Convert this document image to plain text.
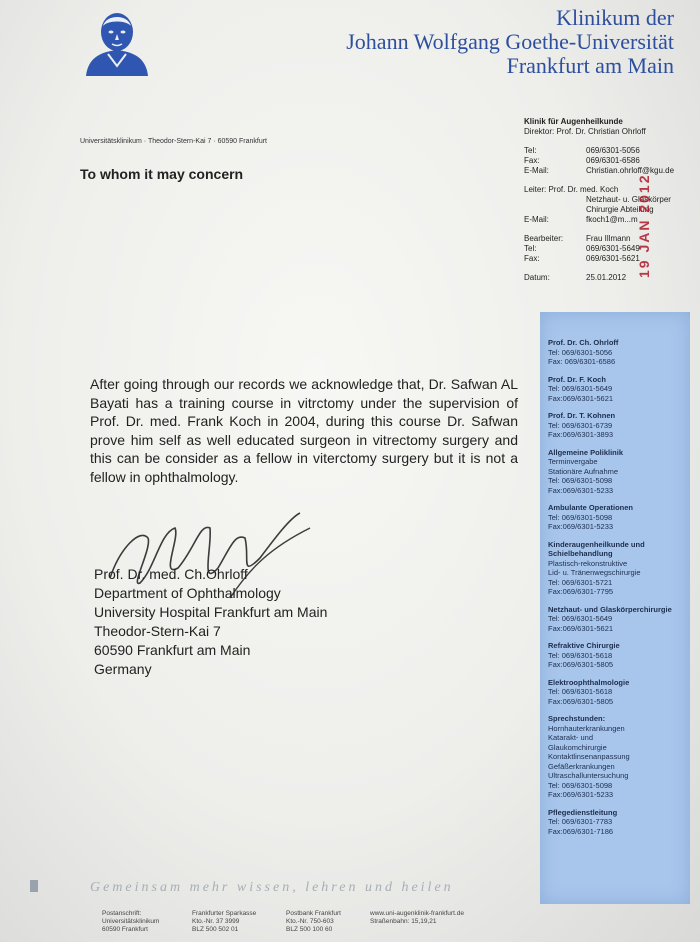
Klinikum der
Johann Wolfgang Goethe-Universität
Frankfurt am Main
Universitätsklinikum · Theodor-Stern-Kai 7 · 60590 Frankfurt
To whom it may concern
Klinik für Augenheilkunde
Direktor: Prof. Dr. Christian Ohrloff
Tel:	069/6301-5056
Fax:	069/6301-6586
E-Mail:	Christian.ohrloff@kgu.de
Leiter: Prof. Dr. med. Koch
Netzhaut- u. Glaskörper
Chirurgie Abteilung
E-Mail:	fkoch1@m...m
Bearbeiter:	Frau Illmann
Tel:	069/6301-5649
Fax:	069/6301-5621
Datum:	25.01.2012 19 JAN 2012
Prof. Dr. Ch. Ohrloff
Tel: 069/6301-5056
Fax: 069/6301-6586
Prof. Dr. F. Koch
Tel: 069/6301-5649
Fax:069/6301-5621
Prof. Dr. T. Kohnen
Tel: 069/6301-6739
Fax:069/6301-3893
Allgemeine Poliklinik
Terminvergabe
Stationäre Aufnahme
Tel: 069/6301-5098
Fax:069/6301-5233
Ambulante Operationen
Tel: 069/6301-5098
Fax:069/6301-5233
Kinderaugenheilkunde und Schielbehandlung
Plastisch-rekonstruktive
Lid- u. Tränenwegschirurgie
Tel: 069/6301-5721
Fax:069/6301-7795
Netzhaut- und Glaskörperchirurgie
Tel: 069/6301-5649
Fax:069/6301-5621
Refraktive Chirurgie
Tel: 069/6301-5618
Fax:069/6301-5805
Elektroophthalmologie
Tel: 069/6301-5618
Fax:069/6301-5805
Sprechstunden:
Hornhauterkrankungen
Katarakt- und
Glaukomchirurgie
Kontaktlinsenanpassung
Gefäßerkrankungen
Ultraschalluntersuchung
Tel: 069/6301-5098
Fax:069/6301-5233
Pflegedienstleitung
Tel: 069/6301-7783
Fax:069/6301-7186
After going through our records we acknowledge that, Dr. Safwan AL Bayati has a training course in vitrctomy under the supervision of Prof. Dr. med. Frank Koch in 2004, during this course Dr. Safwan prove him self as well educated surgeon in vitrectomy surgery and this can be consider as a fellow in viterctomy surgery but it is not a fellow in ophthalmology.
Prof. Dr. med. Ch.Ohrloff
Department of Ophthalmology
University Hospital Frankfurt am Main
Theodor-Stern-Kai 7
60590 Frankfurt am Main
Germany
Gemeinsam mehr wissen, lehren und heilen
Postanschrift:
Universitätsklinikum
60590 Frankfurt
Frankfurter Sparkasse
Kto.-Nr. 37 3999
BLZ 500 502 01
Postbank Frankfurt
Kto.-Nr. 750-603
BLZ 500 100 60
www.uni-augenklinik-frankfurt.de
Straßenbahn: 15,19,21
